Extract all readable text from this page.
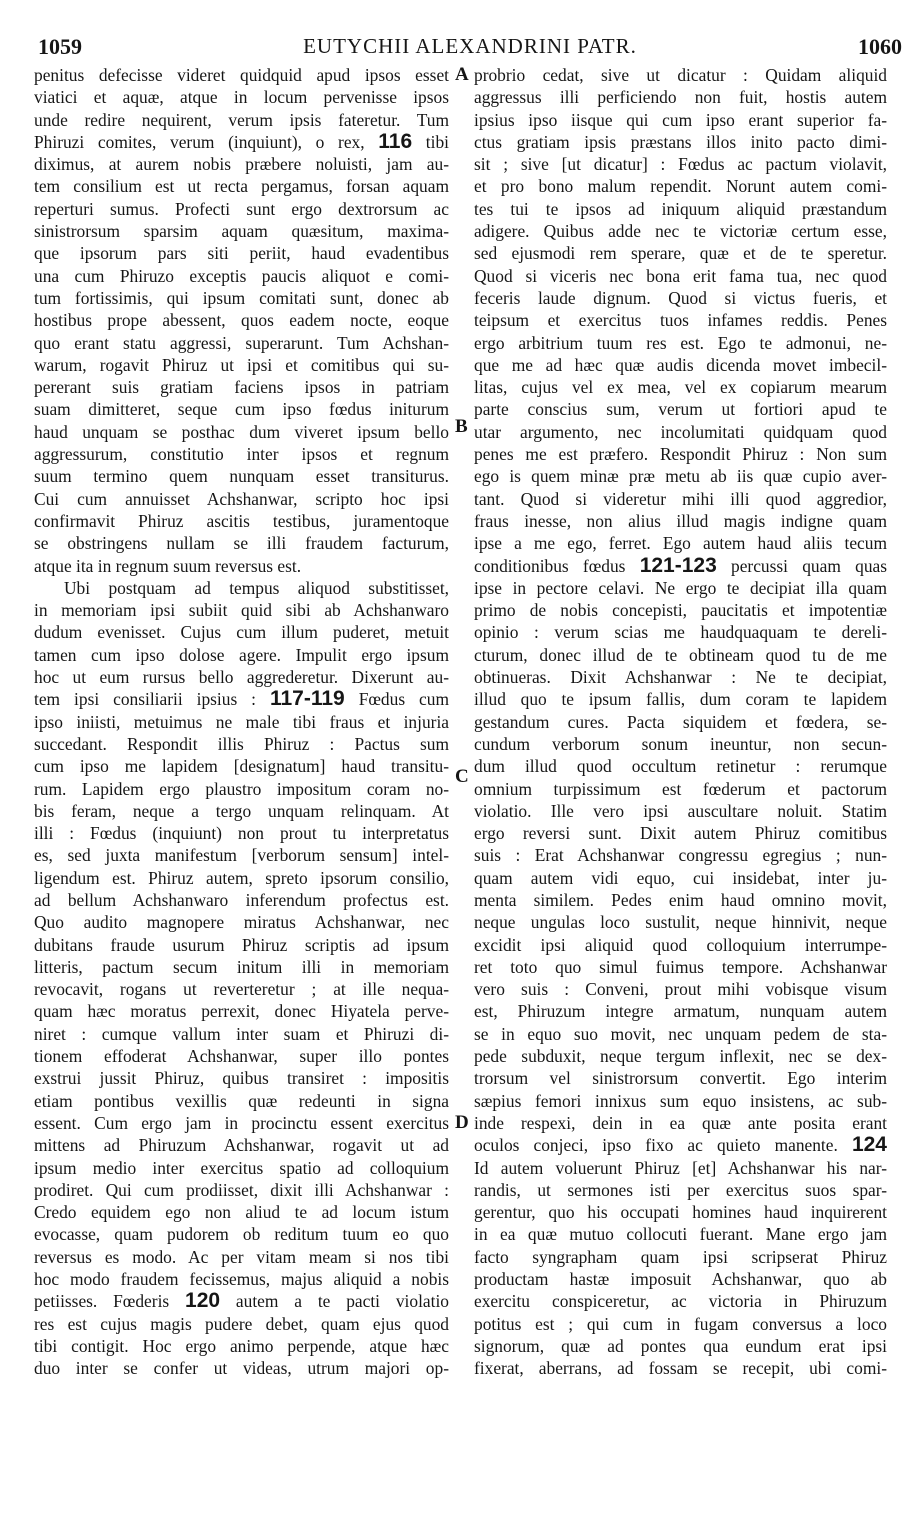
1059	EUTYCHII ALEXANDRINI PATR.	1060
A
B
C
D

penitus defecisse videret quidquid apud ipsos esset

viatici et aquæ, atque in locum pervenisse ipsos

unde redire nequirent, verum ipsis fateretur. Tum

Phiruzi comites, verum (inquiunt), o rex, 116 tibi

diximus, at aurem nobis præbere noluisti, jam au-

tem consilium est ut recta pergamus, forsan aquam

reperturi sumus. Profecti sunt ergo dextrorsum ac

sinistrorsum sparsim aquam quæsitum, maxima-

que ipsorum pars siti periit, haud evadentibus

una cum Phiruzo exceptis paucis aliquot e comi-

tum fortissimis, qui ipsum comitati sunt, donec ab

hostibus prope abessent, quos eadem nocte, eoque

quo erant statu aggressi, superarunt. Tum Achshan-

warum, rogavit Phiruz ut ipsi et comitibus qui su-

pererant suis gratiam faciens ipsos in patriam

suam dimitteret, seque cum ipso fœdus initurum

haud unquam se posthac dum viveret ipsum bello

aggressurum, constitutio inter ipsos et regnum

suum termino quem nunquam esset transiturus.

Cui cum annuisset Achshanwar, scripto hoc ipsi

confirmavit Phiruz ascitis testibus, juramentoque

se obstringens nullam se illi fraudem facturum,

atque ita in regnum suum reversus est.

Ubi postquam ad tempus aliquod substitisset,

in memoriam ipsi subiit quid sibi ab Achshanwaro

dudum evenisset. Cujus cum illum puderet, metuit

tamen cum ipso dolose agere. Impulit ergo ipsum

hoc ut eum rursus bello aggrederetur. Dixerunt au-

tem ipsi consiliarii ipsius : 117-119 Fœdus cum

ipso iniisti, metuimus ne male tibi fraus et injuria

succedant. Respondit illis Phiruz : Pactus sum

cum ipso me lapidem [designatum] haud transitu-

rum. Lapidem ergo plaustro impositum coram no-

bis feram, neque a tergo unquam relinquam. At

illi : Fœdus (inquiunt) non prout tu interpretatus

es, sed juxta manifestum [verborum sensum] intel-

ligendum est. Phiruz autem, spreto ipsorum consilio,

ad bellum Achshanwaro inferendum profectus est.

Quo audito magnopere miratus Achshanwar, nec

dubitans fraude usurum Phiruz scriptis ad ipsum

litteris, pactum secum initum illi in memoriam

revocavit, rogans ut reverteretur ; at ille nequa-

quam hæc moratus perrexit, donec Hiyatela perve-

niret : cumque vallum inter suam et Phiruzi di-

tionem effoderat Achshanwar, super illo pontes

exstrui jussit Phiruz, quibus transiret : impositis

etiam pontibus vexillis quæ redeunti in signa

essent. Cum ergo jam in procinctu essent exercitus

mittens ad Phiruzum Achshanwar, rogavit ut ad

ipsum medio inter exercitus spatio ad colloquium

prodiret. Qui cum prodiisset, dixit illi Achshanwar :

Credo equidem ego non aliud te ad locum istum

evocasse, quam pudorem ob reditum tuum eo quo

reversus es modo. Ac per vitam meam si nos tibi

hoc modo fraudem fecissemus, majus aliquid a nobis

petiisses. Fœderis 120 autem a te pacti violatio

res est cujus magis pudere debet, quam ejus quod

tibi contigit. Hoc ergo animo perpende, atque hæc

duo inter se confer ut videas, utrum majori op-

probrio cedat, sive ut dicatur : Quidam aliquid

aggressus illi perficiendo non fuit, hostis autem

ipsius ipso iisque qui cum ipso erant superior fa-

ctus gratiam ipsis præstans illos inito pacto dimi-

sit ; sive [ut dicatur] : Fœdus ac pactum violavit,

et pro bono malum rependit. Norunt autem comi-

tes tui te ipsos ad iniquum aliquid præstandum

adigere. Quibus adde nec te victoriæ certum esse,

sed ejusmodi rem sperare, quæ et de te speretur.

Quod si viceris nec bona erit fama tua, nec quod

feceris laude dignum. Quod si victus fueris, et

teipsum et exercitus tuos infames reddis. Penes

ergo arbitrium tuum res est. Ego te admonui, ne-

que me ad hæc quæ audis dicenda movet imbecil-

litas, cujus vel ex mea, vel ex copiarum mearum

parte conscius sum, verum ut fortiori apud te

utar argumento, nec incolumitati quidquam quod

penes me est præfero. Respondit Phiruz : Non sum

ego is quem minæ præ metu ab iis quæ cupio aver-

tant. Quod si videretur mihi illi quod aggredior,

fraus inesse, non alius illud magis indigne quam

ipse a me ego, ferret. Ego autem haud aliis tecum

conditionibus fœdus 121-123 percussi quam quas

ipse in pectore celavi. Ne ergo te decipiat illa quam

primo de nobis concepisti, paucitatis et impotentiæ

opinio : verum scias me haudquaquam te dereli-

cturum, donec illud de te obtineam quod tu de me

obtinueras. Dixit Achshanwar : Ne te decipiat,

illud quo te ipsum fallis, dum coram te lapidem

gestandum cures. Pacta siquidem et fœdera, se-

cundum verborum sonum ineuntur, non secun-

dum illud quod occultum retinetur : rerumque

omnium turpissimum est fœderum et pactorum

violatio. Ille vero ipsi auscultare noluit. Statim

ergo reversi sunt. Dixit autem Phiruz comitibus

suis : Erat Achshanwar congressu egregius ; nun-

quam autem vidi equo, cui insidebat, inter ju-

menta similem. Pedes enim haud omnino movit,

neque ungulas loco sustulit, neque hinnivit, neque

excidit ipsi aliquid quod colloquium interrumpe-

ret toto quo simul fuimus tempore. Achshanwar

vero suis : Conveni, prout mihi vobisque visum

est, Phiruzum integre armatum, nunquam autem

se in equo suo movit, nec unquam pedem de sta-

pede subduxit, neque tergum inflexit, nec se dex-

trorsum vel sinistrorsum convertit. Ego interim

sæpius femori innixus sum equo insistens, ac sub-

inde respexi, dein in ea quæ ante posita erant

oculos conjeci, ipso fixo ac quieto manente. 124

Id autem voluerunt Phiruz [et] Achshanwar his nar-

randis, ut sermones isti per exercitus suos spar-

gerentur, quo his occupati homines haud inquirerent

in ea quæ mutuo collocuti fuerant. Mane ergo jam

facto syngrapham quam ipsi scripserat Phiruz

productam hastæ imposuit Achshanwar, quo ab

exercitu conspiceretur, ac victoria in Phiruzum

potitus est ; qui cum in fugam conversus a loco

signorum, quæ ad pontes qua eundum erat ipsi

fixerat, aberrans, ad fossam se recepit, ubi comi-
